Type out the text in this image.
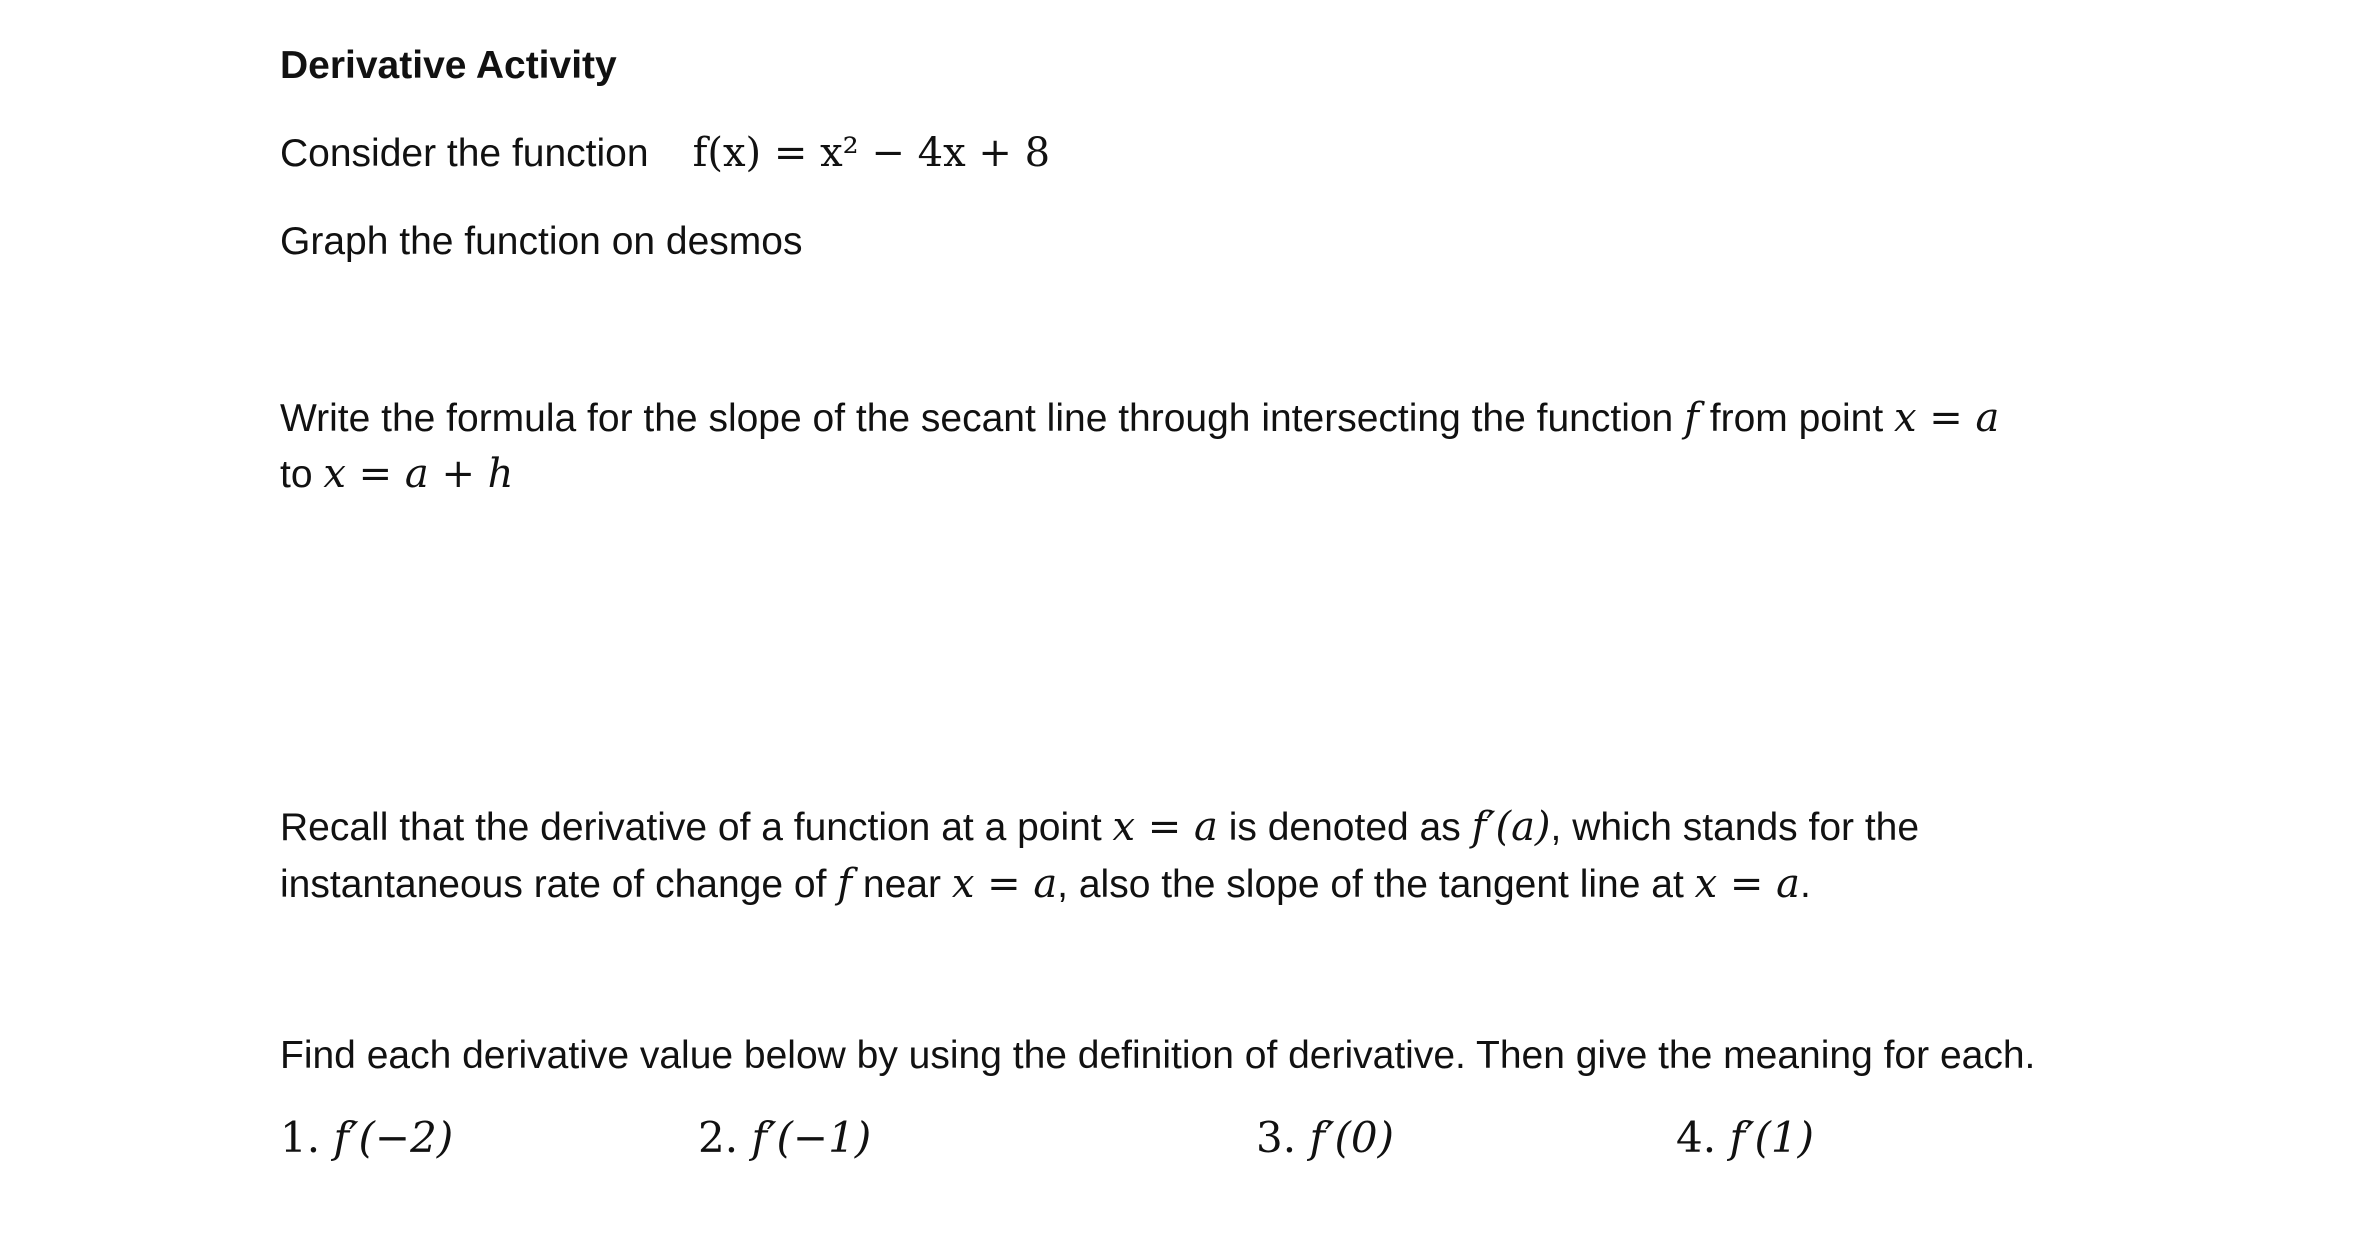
Derivative Activity
Consider the function f(x) = x² − 4x + 8
Graph the function on desmos
Write the formula for the slope of the secant line through intersecting the function f from point x = a
to x = a + h
Recall that the derivative of a function at a point x = a is denoted as f′(a), which stands for the
instantaneous rate of change of f near x = a, also the slope of the tangent line at x = a.
Find each derivative value below by using the definition of derivative. Then give the meaning for each.
1. f′(−2)	2. f′(−1)	3. f′(0)	4. f′(1)
